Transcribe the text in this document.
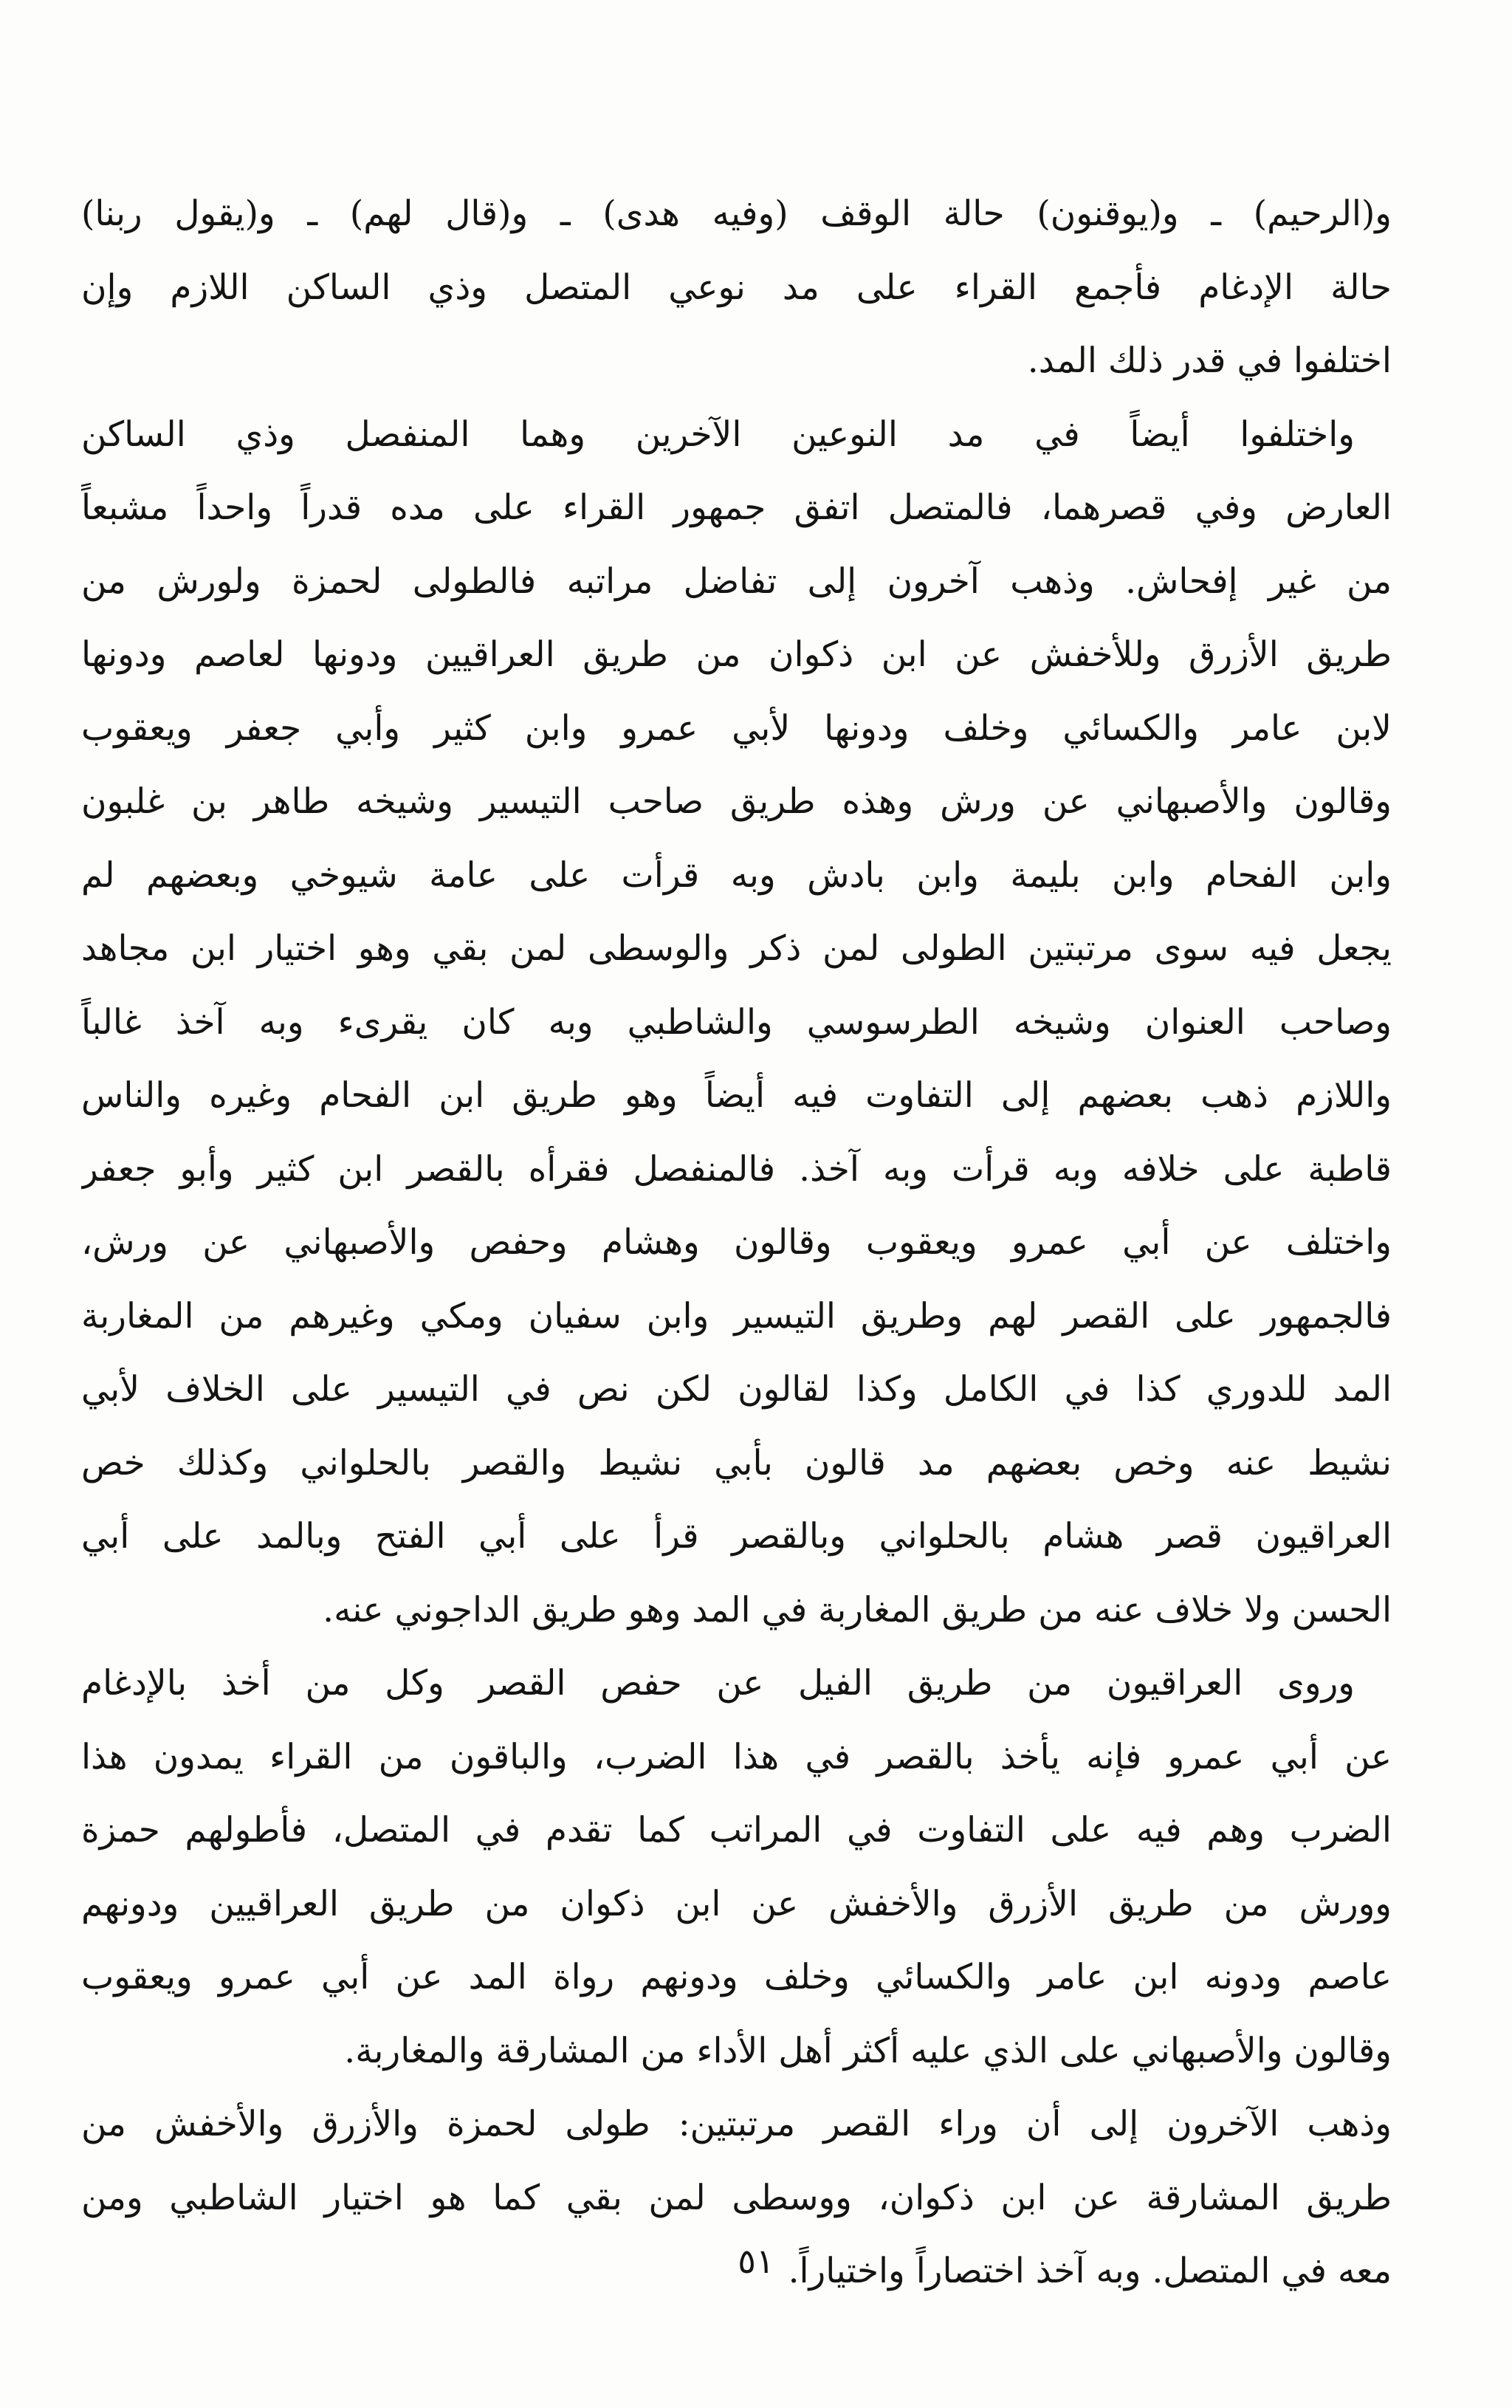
و(الرحيم) ـ و(يوقنون) حالة الوقف (وفيه هدى) ـ و(قال لهم) ـ و(يقول ربنا)
حالة الإدغام فأجمع القراء على مد نوعي المتصل وذي الساكن اللازم وإن
اختلفوا في قدر ذلك المد.
واختلفوا أيضاً في مد النوعين الآخرين وهما المنفصل وذي الساكن
العارض وفي قصرهما، فالمتصل اتفق جمهور القراء على مده قدراً واحداً مشبعاً
من غير إفحاش. وذهب آخرون إلى تفاضل مراتبه فالطولى لحمزة ولورش من
طريق الأزرق وللأخفش عن ابن ذكوان من طريق العراقيين ودونها لعاصم ودونها
لابن عامر والكسائي وخلف ودونها لأبي عمرو وابن كثير وأبي جعفر ويعقوب
وقالون والأصبهاني عن ورش وهذه طريق صاحب التيسير وشيخه طاهر بن غلبون
وابن الفحام وابن بليمة وابن بادش وبه قرأت على عامة شيوخي وبعضهم لم
يجعل فيه سوى مرتبتين الطولى لمن ذكر والوسطى لمن بقي وهو اختيار ابن مجاهد
وصاحب العنوان وشيخه الطرسوسي والشاطبي وبه كان يقرىء وبه آخذ غالباً
واللازم ذهب بعضهم إلى التفاوت فيه أيضاً وهو طريق ابن الفحام وغيره والناس
قاطبة على خلافه وبه قرأت وبه آخذ. فالمنفصل فقرأه بالقصر ابن كثير وأبو جعفر
واختلف عن أبي عمرو ويعقوب وقالون وهشام وحفص والأصبهاني عن ورش،
فالجمهور على القصر لهم وطريق التيسير وابن سفيان ومكي وغيرهم من المغاربة
المد للدوري كذا في الكامل وكذا لقالون لكن نص في التيسير على الخلاف لأبي
نشيط عنه وخص بعضهم مد قالون بأبي نشيط والقصر بالحلواني وكذلك خص
العراقيون قصر هشام بالحلواني وبالقصر قرأ على أبي الفتح وبالمد على أبي
الحسن ولا خلاف عنه من طريق المغاربة في المد وهو طريق الداجوني عنه.
وروى العراقيون من طريق الفيل عن حفص القصر وكل من أخذ بالإدغام
عن أبي عمرو فإنه يأخذ بالقصر في هذا الضرب، والباقون من القراء يمدون هذا
الضرب وهم فيه على التفاوت في المراتب كما تقدم في المتصل، فأطولهم حمزة
وورش من طريق الأزرق والأخفش عن ابن ذكوان من طريق العراقيين ودونهم
عاصم ودونه ابن عامر والكسائي وخلف ودونهم رواة المد عن أبي عمرو ويعقوب
وقالون والأصبهاني على الذي عليه أكثر أهل الأداء من المشارقة والمغاربة.
وذهب الآخرون إلى أن وراء القصر مرتبتين: طولى لحمزة والأزرق والأخفش من
طريق المشارقة عن ابن ذكوان، ووسطى لمن بقي كما هو اختيار الشاطبي ومن
معه في المتصل. وبه آخذ اختصاراً واختياراً.
٥١
